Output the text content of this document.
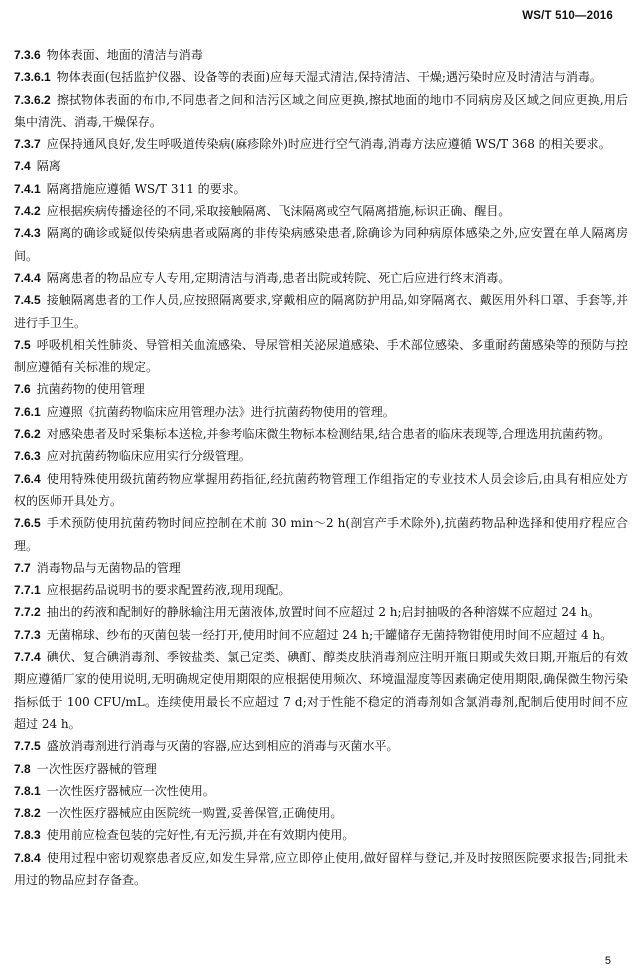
WS/T 510—2016

7.3.6 物体表面、地面的清洁与消毒

7.3.6.1 物体表面(包括监护仪器、设备等的表面)应每天湿式清洁,保持清洁、干燥;遇污染时应及时清洁与消毒。

7.3.6.2 擦拭物体表面的布巾,不同患者之间和洁污区域之间应更换,擦拭地面的地巾不同病房及区域之间应更换,用后集中清洗、消毒,干燥保存。

7.3.7 应保持通风良好,发生呼吸道传染病(麻疹除外)时应进行空气消毒,消毒方法应遵循 WS/T 368 的相关要求。

7.4 隔离

7.4.1 隔离措施应遵循 WS/T 311 的要求。

7.4.2 应根据疾病传播途径的不同,采取接触隔离、飞沫隔离或空气隔离措施,标识正确、醒目。

7.4.3 隔离的确诊或疑似传染病患者或隔离的非传染病感染患者,除确诊为同种病原体感染之外,应安置在单人隔离房间。

7.4.4 隔离患者的物品应专人专用,定期清洁与消毒,患者出院或转院、死亡后应进行终末消毒。

7.4.5 接触隔离患者的工作人员,应按照隔离要求,穿戴相应的隔离防护用品,如穿隔离衣、戴医用外科口罩、手套等,并进行手卫生。

7.5 呼吸机相关性肺炎、导管相关血流感染、导尿管相关泌尿道感染、手术部位感染、多重耐药菌感染等的预防与控制应遵循有关标准的规定。

7.6 抗菌药物的使用管理

7.6.1 应遵照《抗菌药物临床应用管理办法》进行抗菌药物使用的管理。

7.6.2 对感染患者及时采集标本送检,并参考临床微生物标本检测结果,结合患者的临床表现等,合理选用抗菌药物。

7.6.3 应对抗菌药物临床应用实行分级管理。

7.6.4 使用特殊使用级抗菌药物应掌握用药指征,经抗菌药物管理工作组指定的专业技术人员会诊后,由具有相应处方权的医师开具处方。

7.6.5 手术预防使用抗菌药物时间应控制在术前 30 min～2 h(剖宫产手术除外),抗菌药物品种选择和使用疗程应合理。

7.7 消毒物品与无菌物品的管理

7.7.1 应根据药品说明书的要求配置药液,现用现配。

7.7.2 抽出的药液和配制好的静脉输注用无菌液体,放置时间不应超过 2 h;启封抽吸的各种溶媒不应超过 24 h。

7.7.3 无菌棉球、纱布的灭菌包装一经打开,使用时间不应超过 24 h;干罐储存无菌持物钳使用时间不应超过 4 h。

7.7.4 碘伏、复合碘消毒剂、季铵盐类、氯己定类、碘酊、醇类皮肤消毒剂应注明开瓶日期或失效日期,开瓶后的有效期应遵循厂家的使用说明,无明确规定使用期限的应根据使用频次、环境温湿度等因素确定使用期限,确保微生物污染指标低于 100 CFU/mL。连续使用最长不应超过 7 d;对于性能不稳定的消毒剂如含氯消毒剂,配制后使用时间不应超过 24 h。

7.7.5 盛放消毒剂进行消毒与灭菌的容器,应达到相应的消毒与灭菌水平。

7.8 一次性医疗器械的管理

7.8.1 一次性医疗器械应一次性使用。

7.8.2 一次性医疗器械应由医院统一购置,妥善保管,正确使用。

7.8.3 使用前应检查包装的完好性,有无污损,并在有效期内使用。

7.8.4 使用过程中密切观察患者反应,如发生异常,应立即停止使用,做好留样与登记,并及时按照医院要求报告;同批未用过的物品应封存备查。

5
